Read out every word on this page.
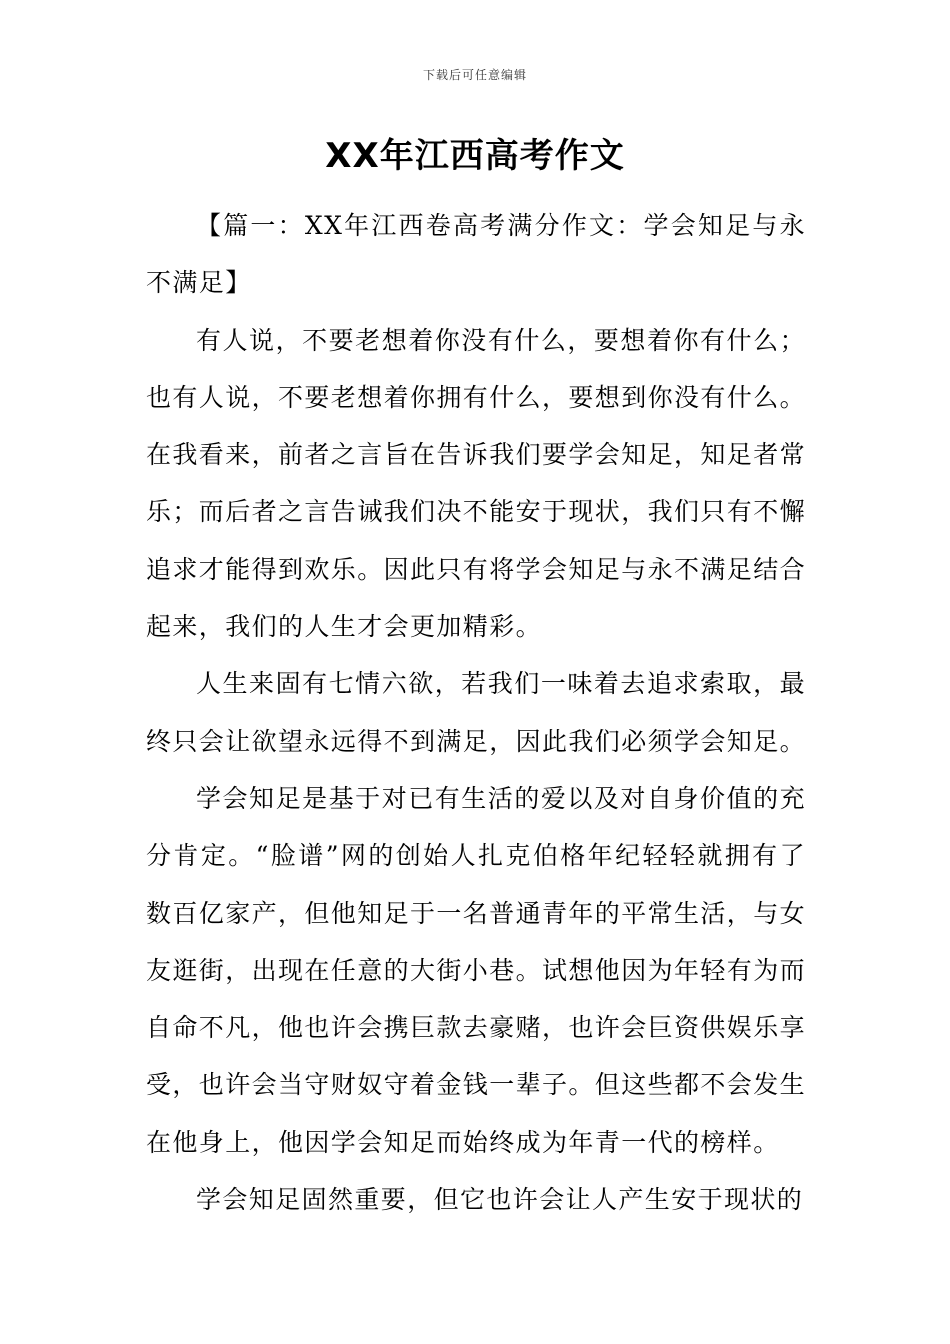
下载后可任意编辑
XX年江西高考作文

【篇一：XX年江西卷高考满分作文：学会知足与永不满足】

有人说，不要老想着你没有什么，要想着你有什么；也有人说，不要老想着你拥有什么，要想到你没有什么。在我看来，前者之言旨在告诉我们要学会知足，知足者常乐；而后者之言告诫我们决不能安于现状，我们只有不懈追求才能得到欢乐。因此只有将学会知足与永不满足结合起来，我们的人生才会更加精彩。

人生来固有七情六欲，若我们一味着去追求索取，最终只会让欲望永远得不到满足，因此我们必须学会知足。

学会知足是基于对已有生活的爱以及对自身价值的充分肯定。“脸谱”网的创始人扎克伯格年纪轻轻就拥有了数百亿家产，但他知足于一名普通青年的平常生活，与女友逛街，出现在任意的大街小巷。试想他因为年轻有为而自命不凡，他也许会携巨款去豪赌，也许会巨资供娱乐享受，也许会当守财奴守着金钱一辈子。但这些都不会发生在他身上，他因学会知足而始终成为年青一代的榜样。

学会知足固然重要，但它也许会让人产生安于现状的
